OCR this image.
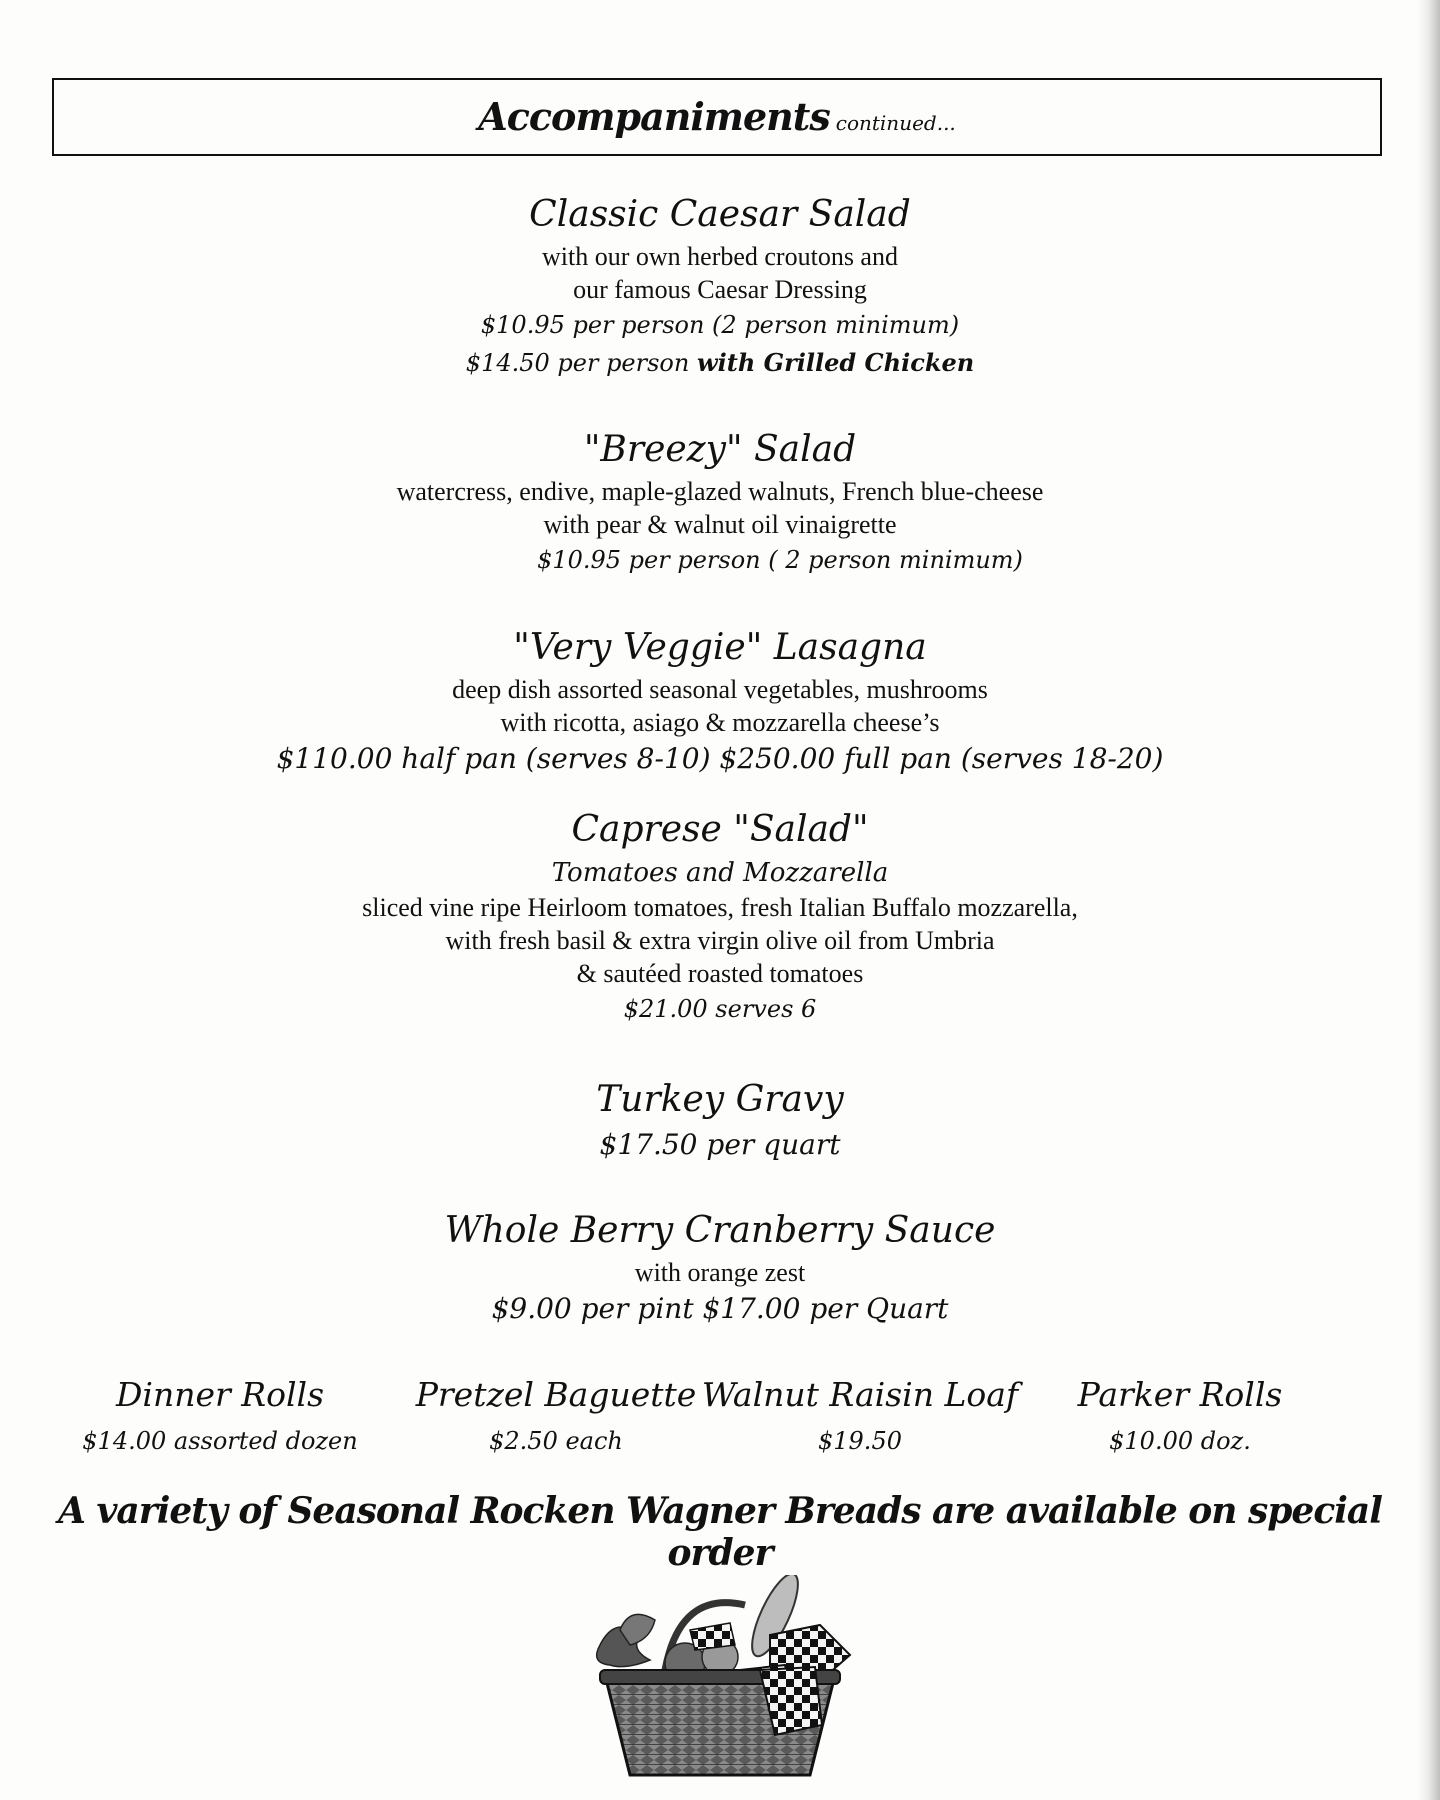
Accompaniments continued...
Classic Caesar Salad
with our own herbed croutons and
our famous Caesar Dressing
$10.95 per person (2 person minimum)
$14.50 per person with Grilled Chicken
"Breezy" Salad
watercress, endive, maple-glazed walnuts, French blue-cheese
with pear & walnut oil vinaigrette
$10.95 per person ( 2 person minimum)
"Very Veggie" Lasagna
deep dish assorted seasonal vegetables, mushrooms
with ricotta, asiago & mozzarella cheese’s
$110.00 half pan (serves 8-10) $250.00 full pan (serves 18-20)
Caprese "Salad"
Tomatoes and Mozzarella
sliced vine ripe Heirloom tomatoes, fresh Italian Buffalo mozzarella,
with fresh basil & extra virgin olive oil from Umbria
& sautéed roasted tomatoes
$21.00 serves 6
Turkey Gravy
$17.50 per quart
Whole Berry Cranberry Sauce
with orange zest
$9.00 per pint $17.00 per Quart
Dinner Rolls
$14.00 assorted dozen
Pretzel Baguette
$2.50 each
Walnut Raisin Loaf
$19.50
Parker Rolls
$10.00 doz.
A variety of Seasonal Rocken Wagner Breads are available on special order
